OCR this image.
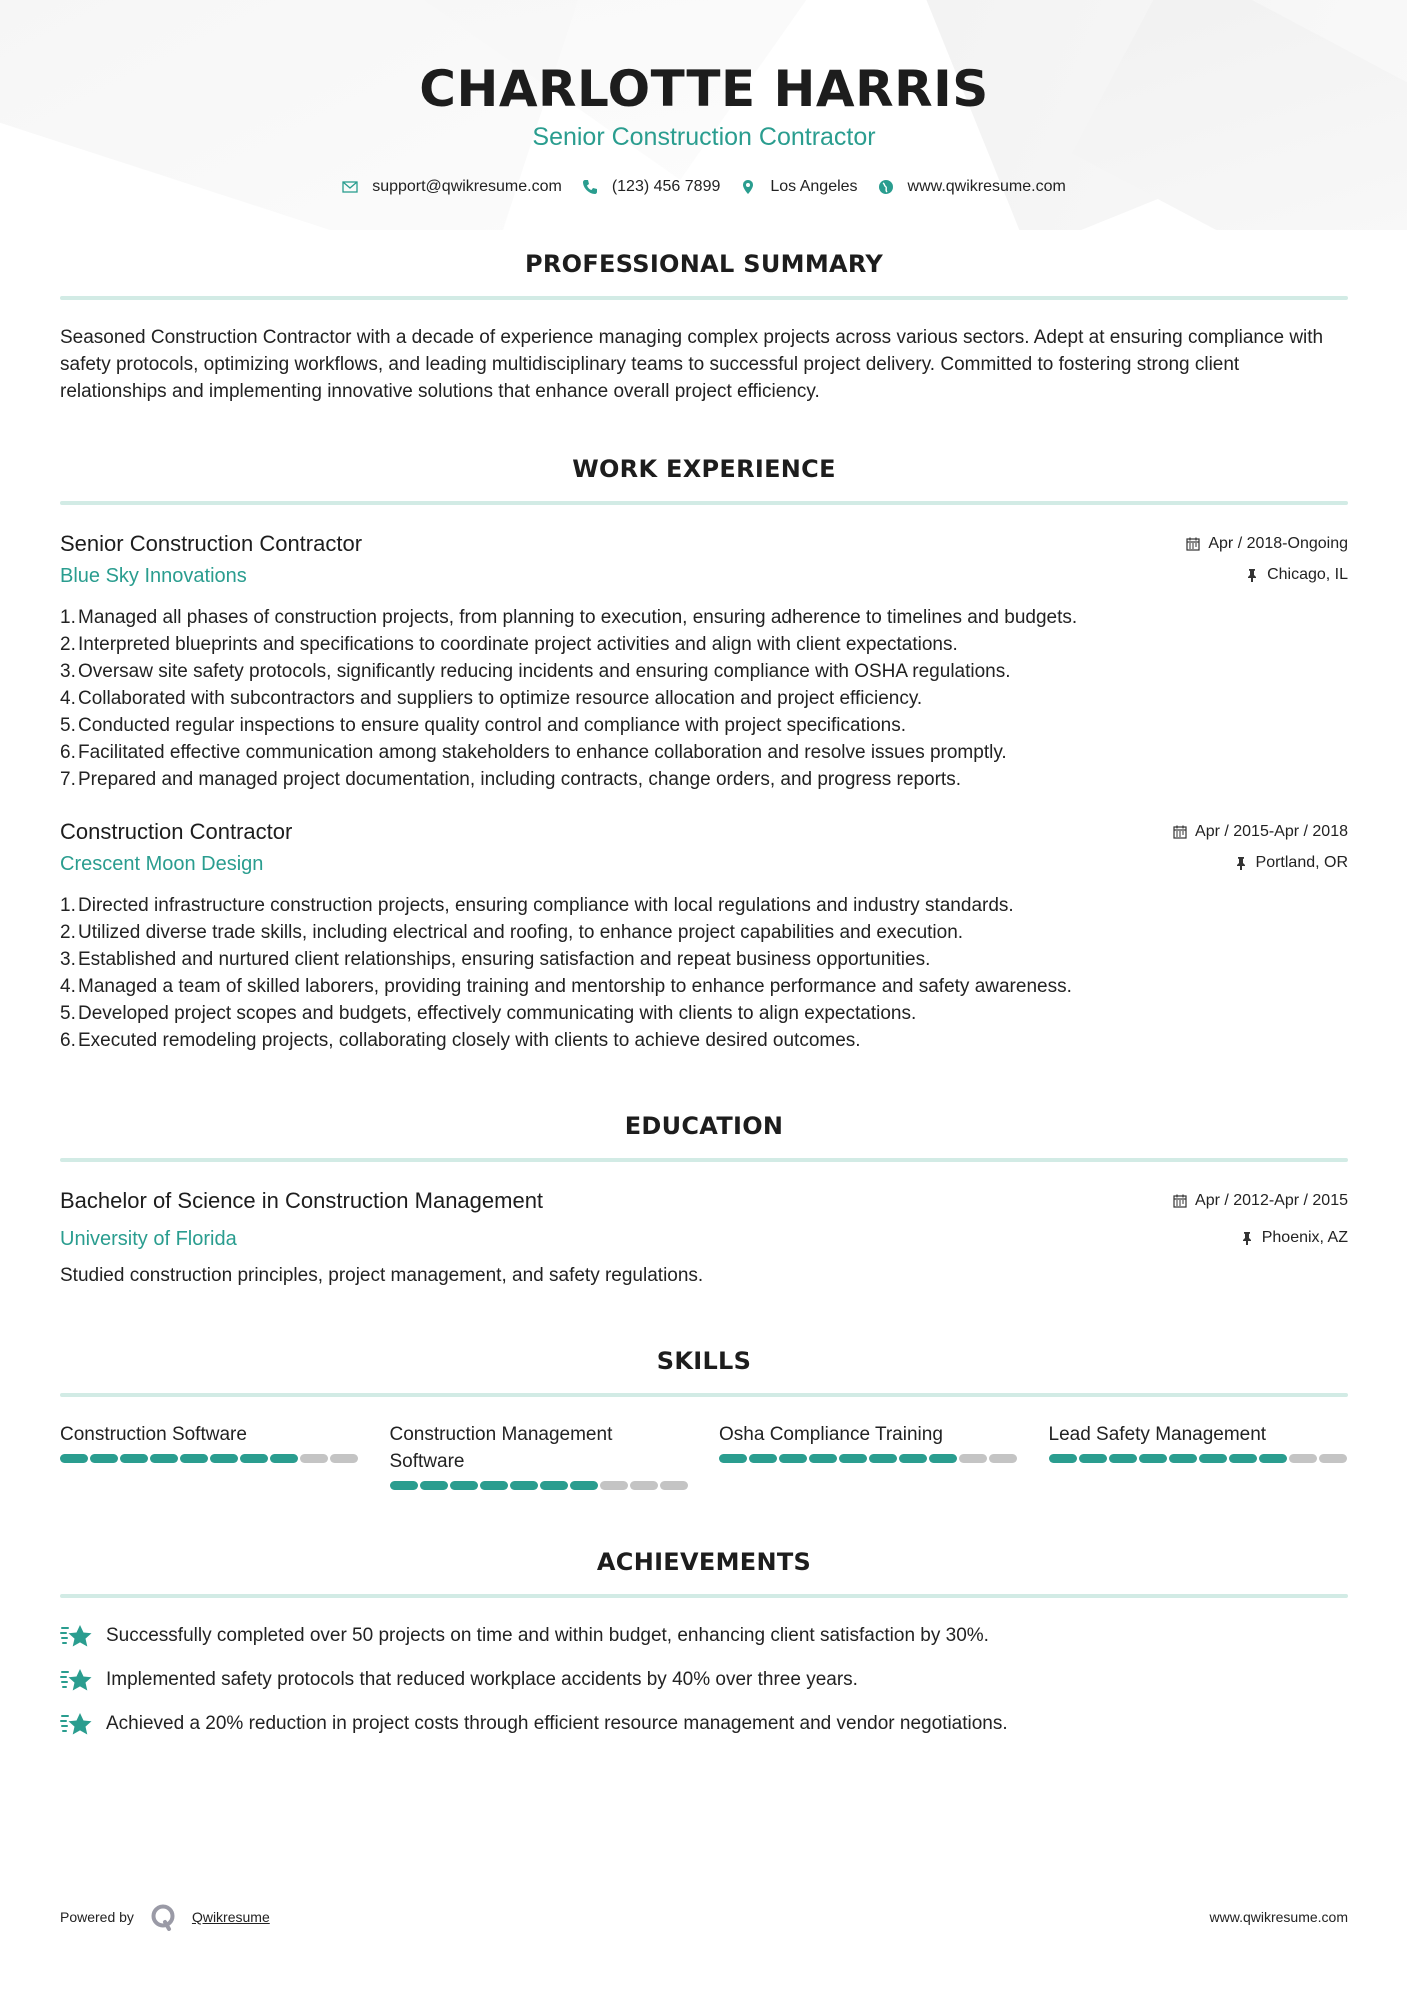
CHARLOTTE HARRIS
Senior Construction Contractor
support@qwikresume.com	(123) 456 7899	Los Angeles	www.qwikresume.com
PROFESSIONAL SUMMARY

Seasoned Construction Contractor with a decade of experience managing complex projects across various sectors. Adept at ensuring compliance with safety protocols, optimizing workflows, and leading multidisciplinary teams to successful project delivery. Committed to fostering strong client relationships and implementing innovative solutions that enhance overall project efficiency.

WORK EXPERIENCE
Senior Construction Contractor	Apr / 2018-Ongoing
Blue Sky Innovations	Chicago, IL
1. Managed all phases of construction projects, from planning to execution, ensuring adherence to timelines and budgets.
2. Interpreted blueprints and specifications to coordinate project activities and align with client expectations.
3. Oversaw site safety protocols, significantly reducing incidents and ensuring compliance with OSHA regulations.
4. Collaborated with subcontractors and suppliers to optimize resource allocation and project efficiency.
5. Conducted regular inspections to ensure quality control and compliance with project specifications.
6. Facilitated effective communication among stakeholders to enhance collaboration and resolve issues promptly.
7. Prepared and managed project documentation, including contracts, change orders, and progress reports.
Construction Contractor	Apr / 2015-Apr / 2018
Crescent Moon Design	Portland, OR
1. Directed infrastructure construction projects, ensuring compliance with local regulations and industry standards.
2. Utilized diverse trade skills, including electrical and roofing, to enhance project capabilities and execution.
3. Established and nurtured client relationships, ensuring satisfaction and repeat business opportunities.
4. Managed a team of skilled laborers, providing training and mentorship to enhance performance and safety awareness.
5. Developed project scopes and budgets, effectively communicating with clients to align expectations.
6. Executed remodeling projects, collaborating closely with clients to achieve desired outcomes.
EDUCATION
Bachelor of Science in Construction Management	Apr / 2012-Apr / 2015
University of Florida	Phoenix, AZ

Studied construction principles, project management, and safety regulations.

SKILLS
Construction Software	Construction Management Software
Osha Compliance Training	Lead Safety Management
ACHIEVEMENTS
Successfully completed over 50 projects on time and within budget, enhancing client satisfaction by 30%.
Implemented safety protocols that reduced workplace accidents by 40% over three years.
Achieved a 20% reduction in project costs through efficient resource management and vendor negotiations.
Powered by	Qwikresume	www.qwikresume.com
